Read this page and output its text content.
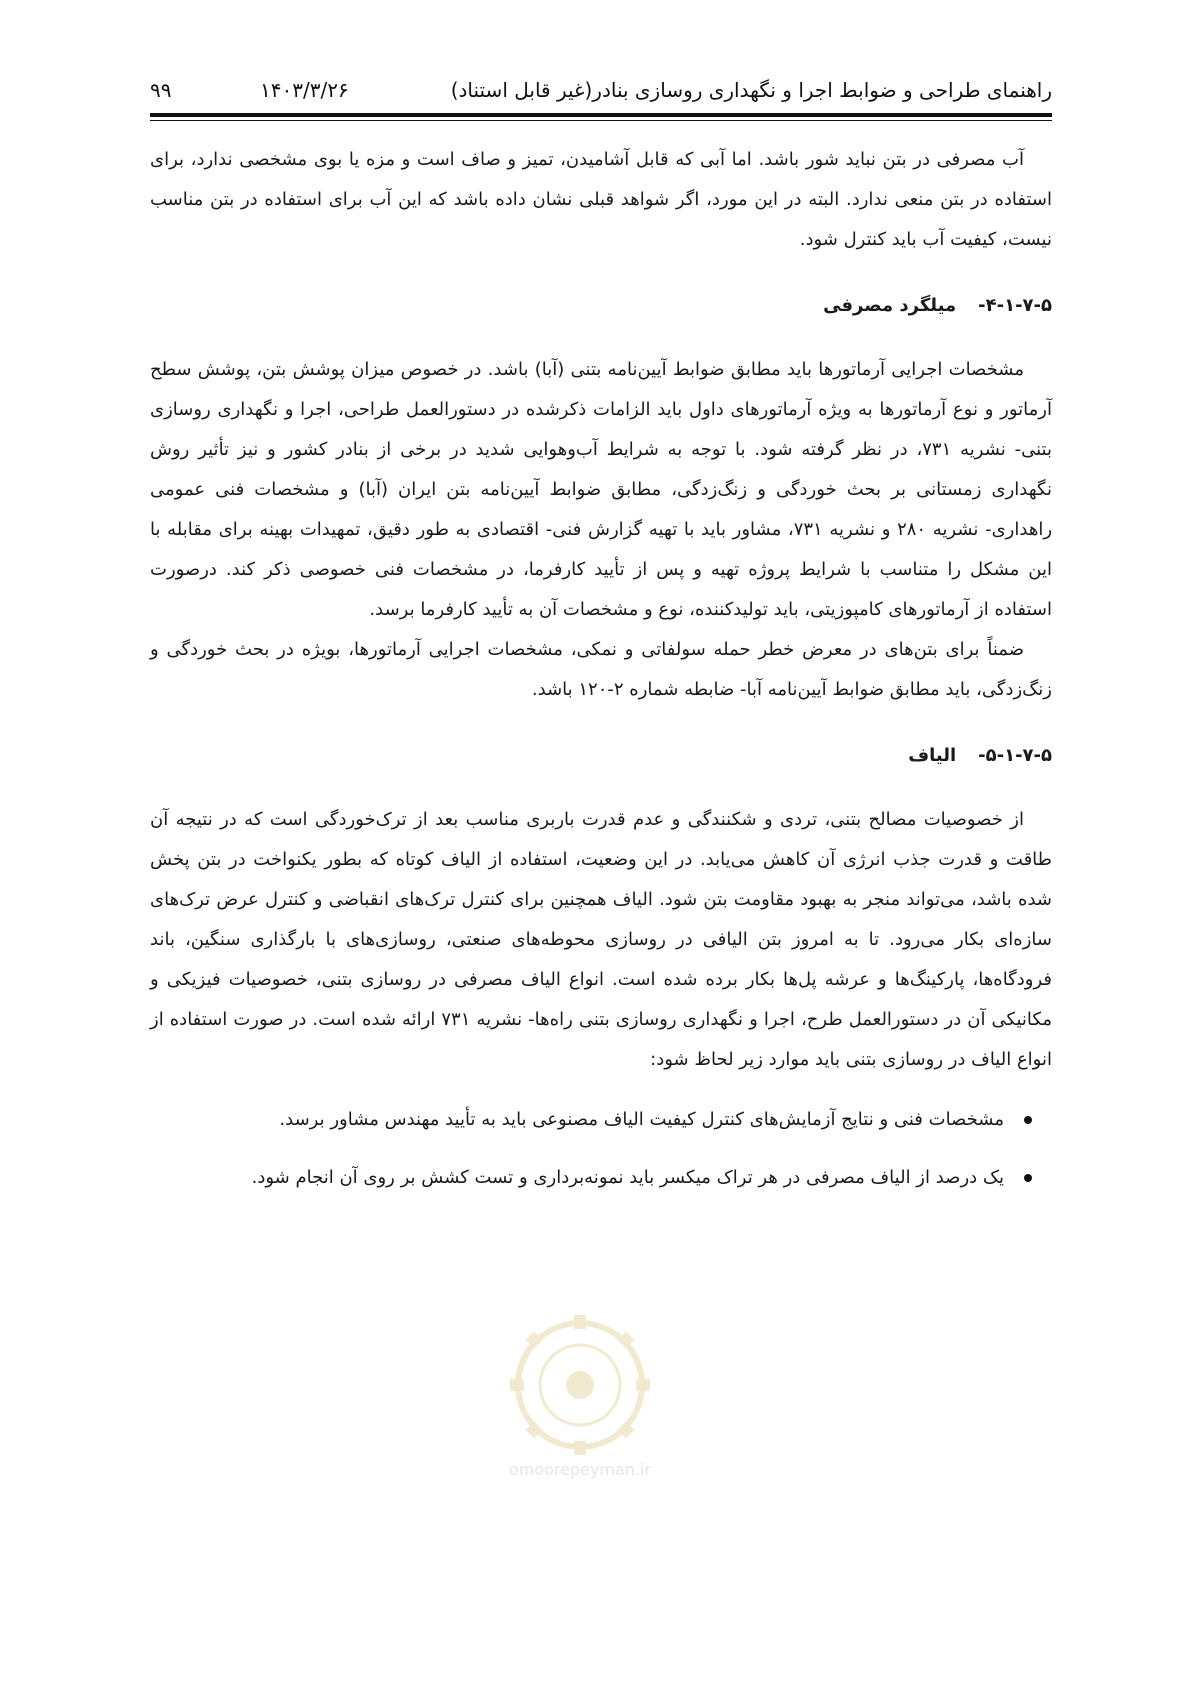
راهنمای طراحی و ضوابط اجرا و نگهداری روسازی بنادر(غیر قابل استناد)
۱۴۰۳/۳/۲۶
۹۹

آب مصرفی در بتن نباید شور باشد. اما آبی که قابل آشامیدن، تمیز و صاف است و مزه یا بوی مشخصی ندارد، برای استفاده در بتن منعی ندارد. البته در این مورد، اگر شواهد قبلی نشان داده باشد که این آب برای استفاده در بتن مناسب نیست، کیفیت آب باید کنترل شود.

۴-۱-۷-۵-میلگرد مصرفی

مشخصات اجرایی آرماتورها باید مطابق ضوابط آیین‌نامه بتنی (آبا) باشد. در خصوص میزان پوشش بتن، پوشش سطح آرماتور و نوع آرماتورها به ویژه آرماتورهای داول باید الزامات ذکرشده در دستورالعمل طراحی، اجرا و نگهداری روسازی بتنی- نشریه ۷۳۱، در نظر گرفته شود. با توجه به شرایط آب‌وهوایی شدید در برخی از بنادر کشور و نیز تأثیر روش نگهداری زمستانی بر بحث خوردگی و زنگ‌زدگی، مطابق ضوابط آیین‌نامه بتن ایران (آبا) و مشخصات فنی عمومی راهداری- نشریه ۲۸۰ و نشریه ۷۳۱، مشاور باید با تهیه گزارش فنی- اقتصادی به طور دقیق، تمهیدات بهینه برای مقابله با این مشکل را متناسب با شرایط پروژه تهیه و پس از تأیید کارفرما، در مشخصات فنی خصوصی ذکر کند. درصورت استفاده از آرماتورهای کامپوزیتی، باید تولیدکننده، نوع و مشخصات آن به تأیید کارفرما برسد.

ضمناً برای بتن‌های در معرض خطر حمله سولفاتی و نمکی، مشخصات اجرایی آرماتورها، بویژه در بحث خوردگی و زنگ‌زدگی، باید مطابق ضوابط آیین‌نامه آبا- ضابطه شماره ۲-۱۲۰ باشد.

۵-۱-۷-۵-الیاف

از خصوصیات مصالح بتنی، تردی و شکنندگی و عدم قدرت باربری مناسب بعد از ترک‌خوردگی است که در نتیجه آن طاقت و قدرت جذب انرژی آن کاهش می‌یابد. در این وضعیت، استفاده از الیاف کوتاه که بطور یکنواخت در بتن پخش شده باشد، می‌تواند منجر به بهبود مقاومت بتن شود. الیاف همچنین برای کنترل ترک‌های انقباضی و کنترل عرض ترک‌های سازه‌ای بکار می‌رود. تا به امروز بتن الیافی در روسازی محوطه‌های صنعتی، روسازی‌های با بارگذاری سنگین، باند فرودگاه‌ها، پارکینگ‌ها و عرشه پل‌ها بکار برده شده است. انواع الیاف مصرفی در روسازی بتنی، خصوصیات فیزیکی و مکانیکی آن در دستورالعمل طرح، اجرا و نگهداری روسازی بتنی راه‌ها- نشریه ۷۳۱ ارائه شده است. در صورت استفاده از انواع الیاف در روسازی بتنی باید موارد زیر لحاظ شود:

مشخصات فنی و نتایج آزمایش‌های کنترل کیفیت الیاف مصنوعی باید به تأیید مهندس مشاور برسد.
یک درصد از الیاف مصرفی در هر تراک میکسر باید نمونه‌برداری و تست کشش بر روی آن انجام شود.
omoorepeyman.ir
